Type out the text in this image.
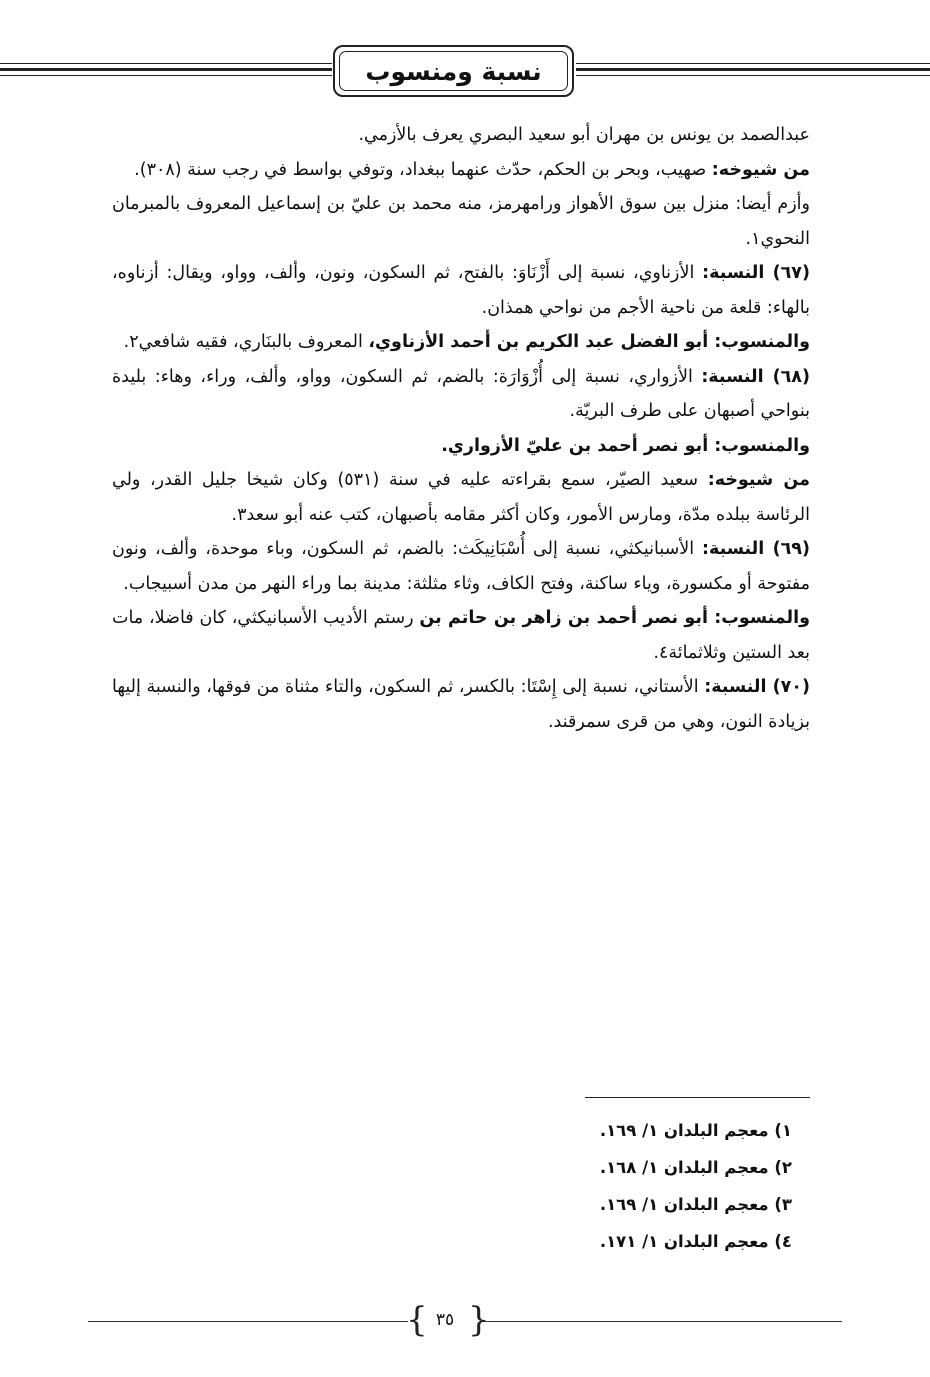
نسبة ومنسوب

عبدالصمد بن يونس بن مهران أبو سعيد البصري يعرف بالأزمي.

من شيوخه: صهيب، وبحر بن الحكم، حدّث عنهما ببغداد، وتوفي بواسط في رجب سنة (٣٠٨).

وأزم أيضا: منزل بين سوق الأهواز ورامهرمز، منه محمد بن عليّ بن إسماعيل المعروف بالمبرمان النحوي١.

(٦٧) النسبة: الأزناوي، نسبة إلى أَزْنَاوَ: بالفتح، ثم السكون، ونون، وألف، وواو، ويقال: أزناوه، بالهاء: قلعة من ناحية الأجم من نواحي همذان.

والمنسوب: أبو الفضل عبد الكريم بن أحمد الأزناوي، المعروف بالبنَاري، فقيه شافعي٢.

(٦٨) النسبة: الأزواري، نسبة إلى أُزْوَارَة: بالضم، ثم السكون، وواو، وألف، وراء، وهاء: بليدة بنواحي أصبهان على طرف البريّة.

والمنسوب: أبو نصر أحمد بن عليّ الأزواري.

من شيوخه: سعيد الصيّر، سمع بقراءته عليه في سنة (٥٣١) وكان شيخا جليل القدر، ولي الرئاسة ببلده مدّة، ومارس الأمور، وكان أكثر مقامه بأصبهان، كتب عنه أبو سعد٣.

(٦٩) النسبة: الأسبانيكثي، نسبة إلى أُسْبَانِيكَث: بالضم، ثم السكون، وباء موحدة، وألف، ونون مفتوحة أو مكسورة، وياء ساكنة، وفتح الكاف، وثاء مثلثة: مدينة بما وراء النهر من مدن أسبيجاب.

والمنسوب: أبو نصر أحمد بن زاهر بن حاتم بن رستم الأديب الأسبانيكثي، كان فاضلا، مات بعد الستين وثلاثمائة٤.

(٧٠) النسبة: الأستاني، نسبة إلى إِسْتَا: بالكسر، ثم السكون، والتاء مثناة من فوقها، والنسبة إليها بزيادة النون، وهي من قرى سمرقند.

١) معجم البلدان ١/ ١٦٩.
٢) معجم البلدان ١/ ١٦٨.
٣) معجم البلدان ١/ ١٦٩.
٤) معجم البلدان ١/ ١٧١.
}
٣٥
{
